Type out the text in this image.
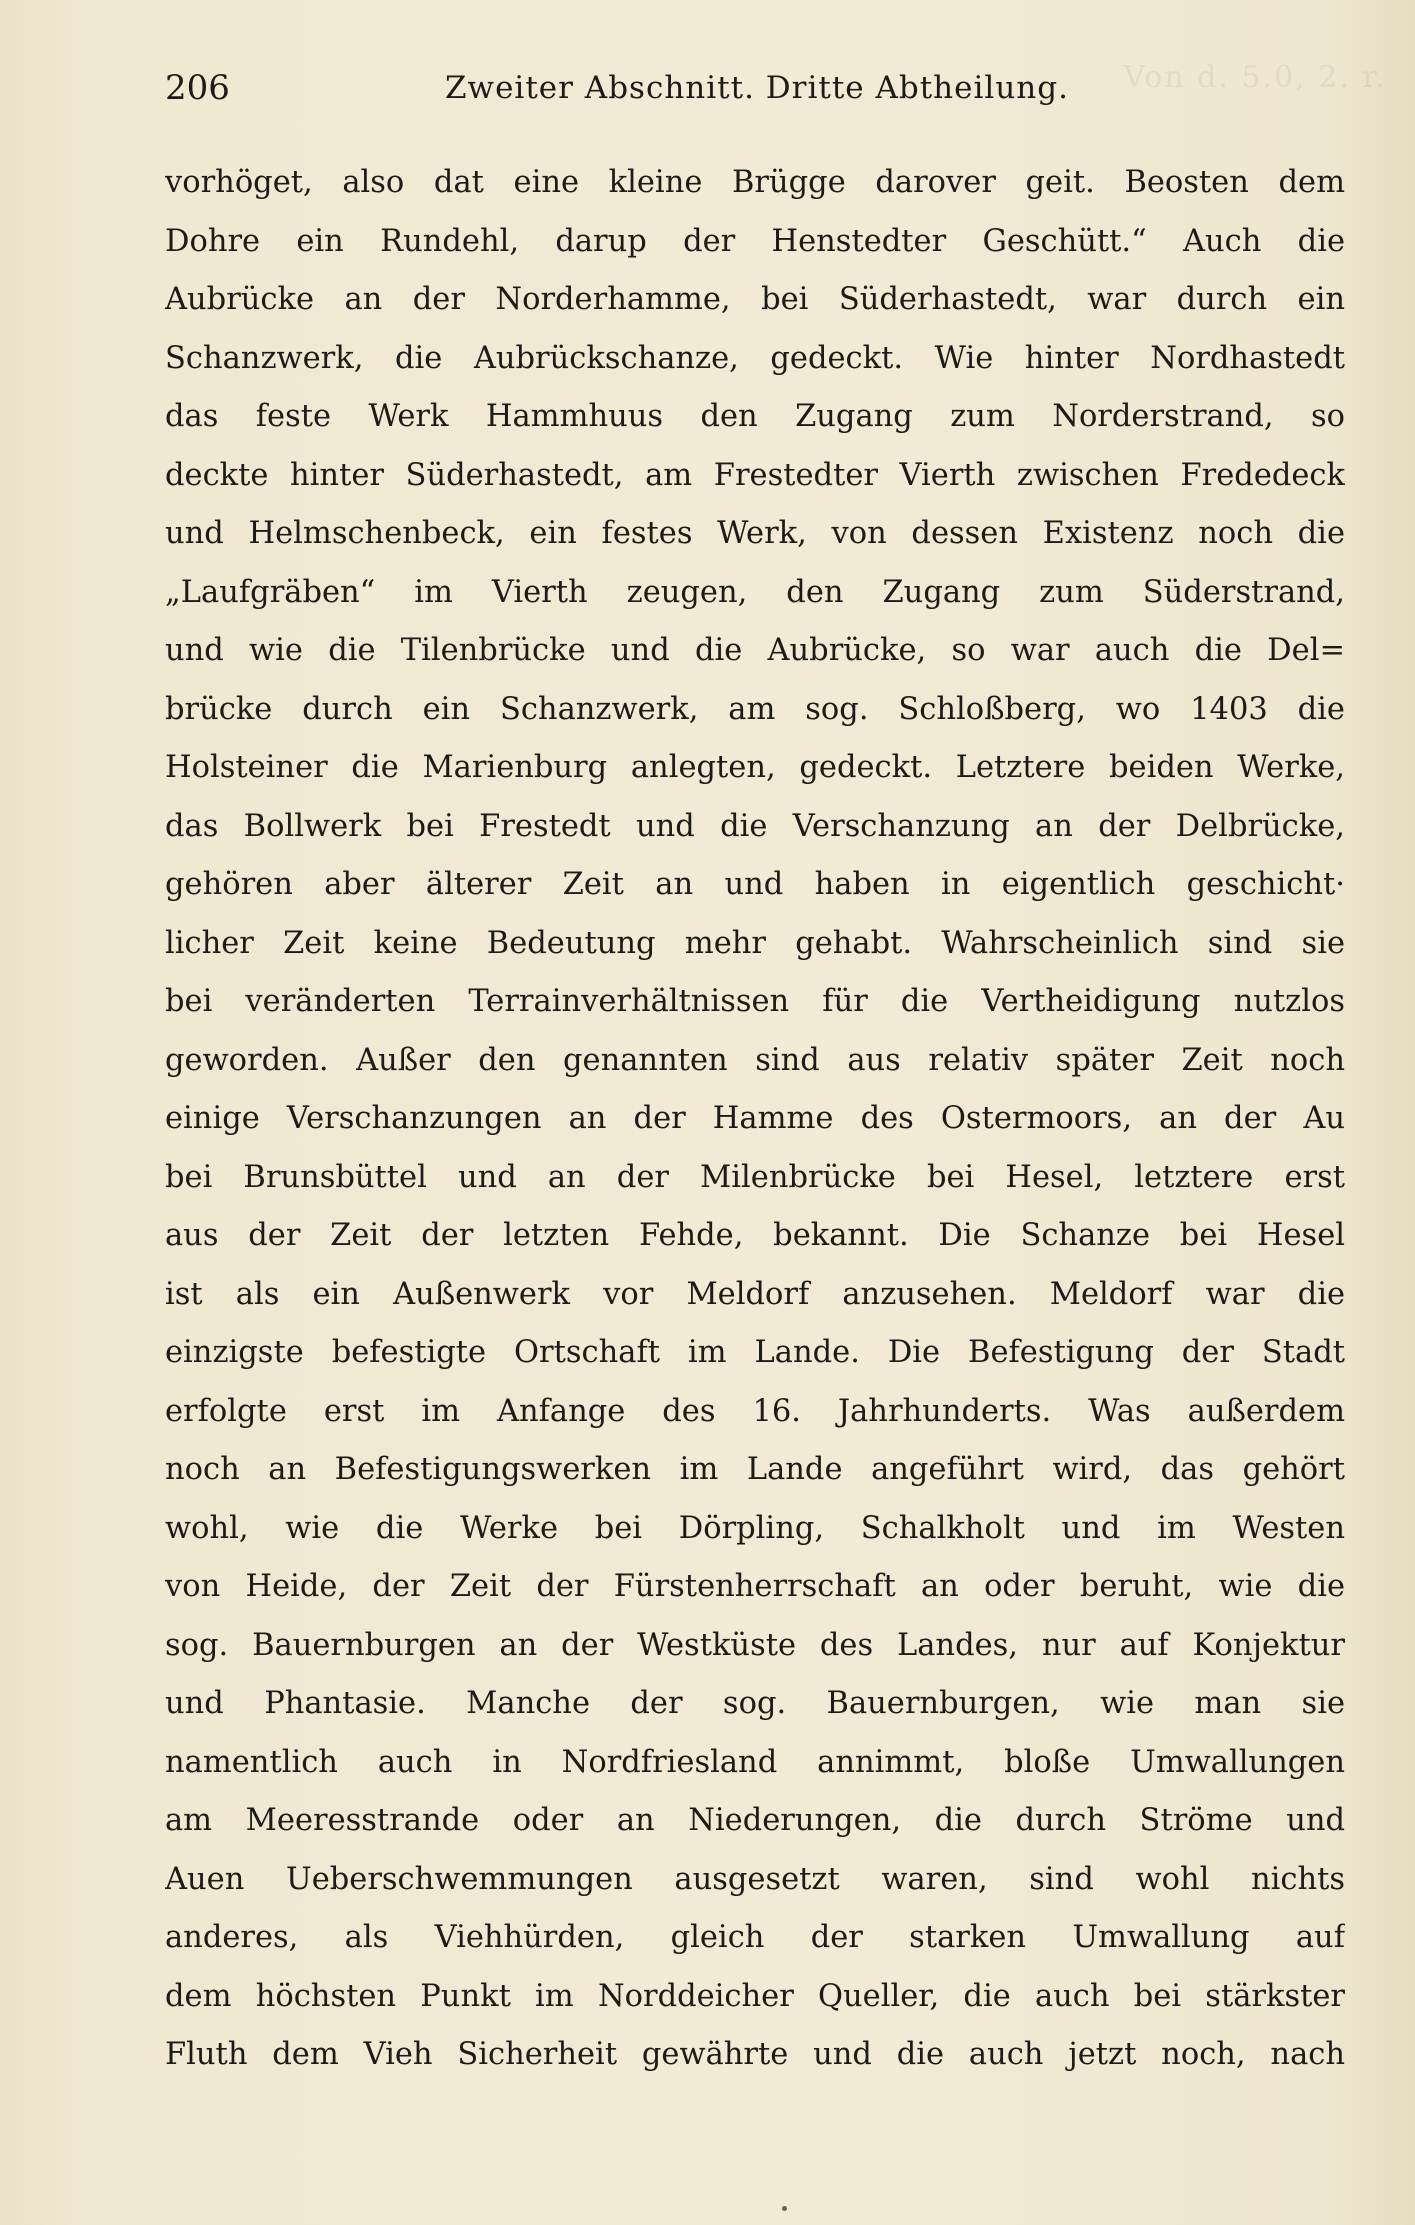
Von d. 5.0, 2. r.
206	Zweiter Abschnitt. Dritte Abtheilung.
vorhöget, also dat eine kleine Brügge darover geit. Beosten dem
Dohre ein Rundehl, darup der Henstedter Geschütt.“ Auch die
Aubrücke an der Norderhamme, bei Süderhastedt, war durch ein
Schanzwerk, die Aubrückschanze, gedeckt. Wie hinter Nordhastedt
das feste Werk Hammhuus den Zugang zum Norderstrand, so
deckte hinter Süderhastedt, am Frestedter Vierth zwischen Frededeck
und Helmschenbeck, ein festes Werk, von dessen Existenz noch die
„Laufgräben“ im Vierth zeugen, den Zugang zum Süderstrand,
und wie die Tilenbrücke und die Aubrücke, so war auch die Del=
brücke durch ein Schanzwerk, am sog. Schloßberg, wo 1403 die
Holsteiner die Marienburg anlegten, gedeckt. Letztere beiden Werke,
das Bollwerk bei Frestedt und die Verschanzung an der Delbrücke,
gehören aber älterer Zeit an und haben in eigentlich geschicht·
licher Zeit keine Bedeutung mehr gehabt. Wahrscheinlich sind sie
bei veränderten Terrainverhältnissen für die Vertheidigung nutzlos
geworden. Außer den genannten sind aus relativ später Zeit noch
einige Verschanzungen an der Hamme des Ostermoors, an der Au
bei Brunsbüttel und an der Milenbrücke bei Hesel, letztere erst
aus der Zeit der letzten Fehde, bekannt. Die Schanze bei Hesel
ist als ein Außenwerk vor Meldorf anzusehen. Meldorf war die
einzigste befestigte Ortschaft im Lande. Die Befestigung der Stadt
erfolgte erst im Anfange des 16. Jahrhunderts. Was außerdem
noch an Befestigungswerken im Lande angeführt wird, das gehört
wohl, wie die Werke bei Dörpling, Schalkholt und im Westen
von Heide, der Zeit der Fürstenherrschaft an oder beruht, wie die
sog. Bauernburgen an der Westküste des Landes, nur auf Konjektur
und Phantasie. Manche der sog. Bauernburgen, wie man sie
namentlich auch in Nordfriesland annimmt, bloße Umwallungen
am Meeresstrande oder an Niederungen, die durch Ströme und
Auen Ueberschwemmungen ausgesetzt waren, sind wohl nichts
anderes, als Viehhürden, gleich der starken Umwallung auf
dem höchsten Punkt im Norddeicher Queller, die auch bei stärkster
Fluth dem Vieh Sicherheit gewährte und die auch jetzt noch, nach
